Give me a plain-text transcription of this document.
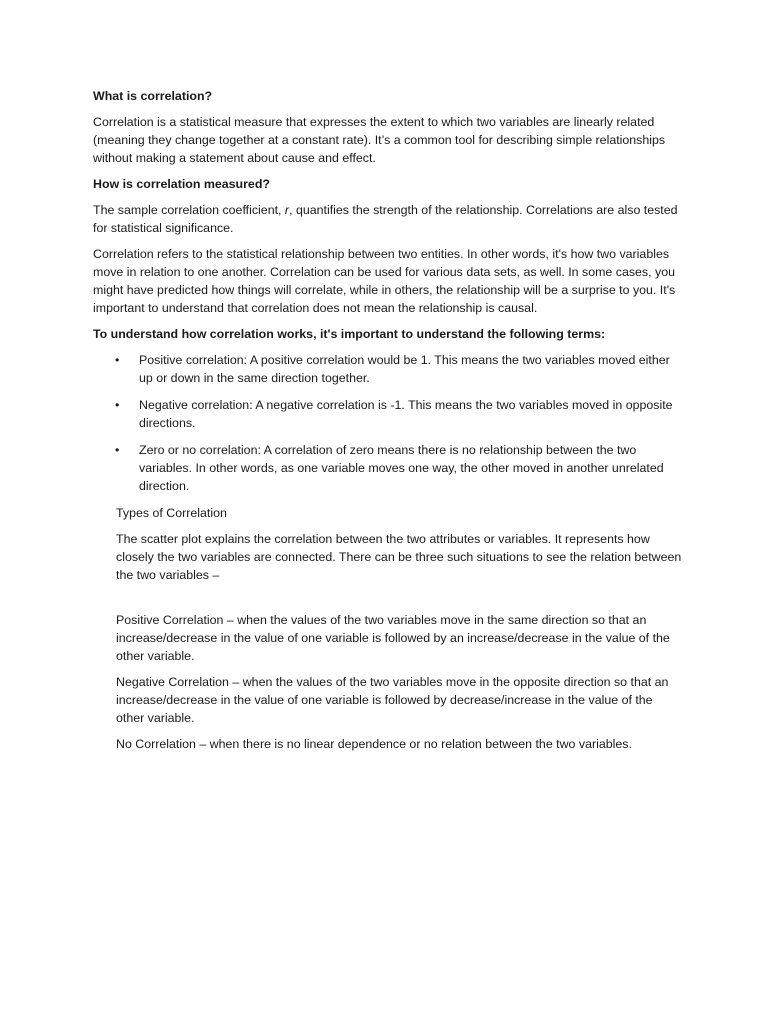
What is correlation?

Correlation is a statistical measure that expresses the extent to which two variables are linearly related (meaning they change together at a constant rate). It’s a common tool for describing simple relationships without making a statement about cause and effect.

How is correlation measured?

The sample correlation coefficient, r, quantifies the strength of the relationship. Correlations are also tested for statistical significance.

Correlation refers to the statistical relationship between two entities. In other words, it's how two variables move in relation to one another. Correlation can be used for various data sets, as well. In some cases, you might have predicted how things will correlate, while in others, the relationship will be a surprise to you. It's important to understand that correlation does not mean the relationship is causal.

To understand how correlation works, it's important to understand the following terms:

• Positive correlation: A positive correlation would be 1. This means the two variables moved either up or down in the same direction together.
• Negative correlation: A negative correlation is -1. This means the two variables moved in opposite directions.
• Zero or no correlation: A correlation of zero means there is no relationship between the two variables. In other words, as one variable moves one way, the other moved in another unrelated direction.

Types of Correlation

The scatter plot explains the correlation between the two attributes or variables. It represents how closely the two variables are connected. There can be three such situations to see the relation between the two variables –

Positive Correlation – when the values of the two variables move in the same direction so that an increase/decrease in the value of one variable is followed by an increase/decrease in the value of the other variable.

Negative Correlation – when the values of the two variables move in the opposite direction so that an increase/decrease in the value of one variable is followed by decrease/increase in the value of the other variable.

No Correlation – when there is no linear dependence or no relation between the two variables.
